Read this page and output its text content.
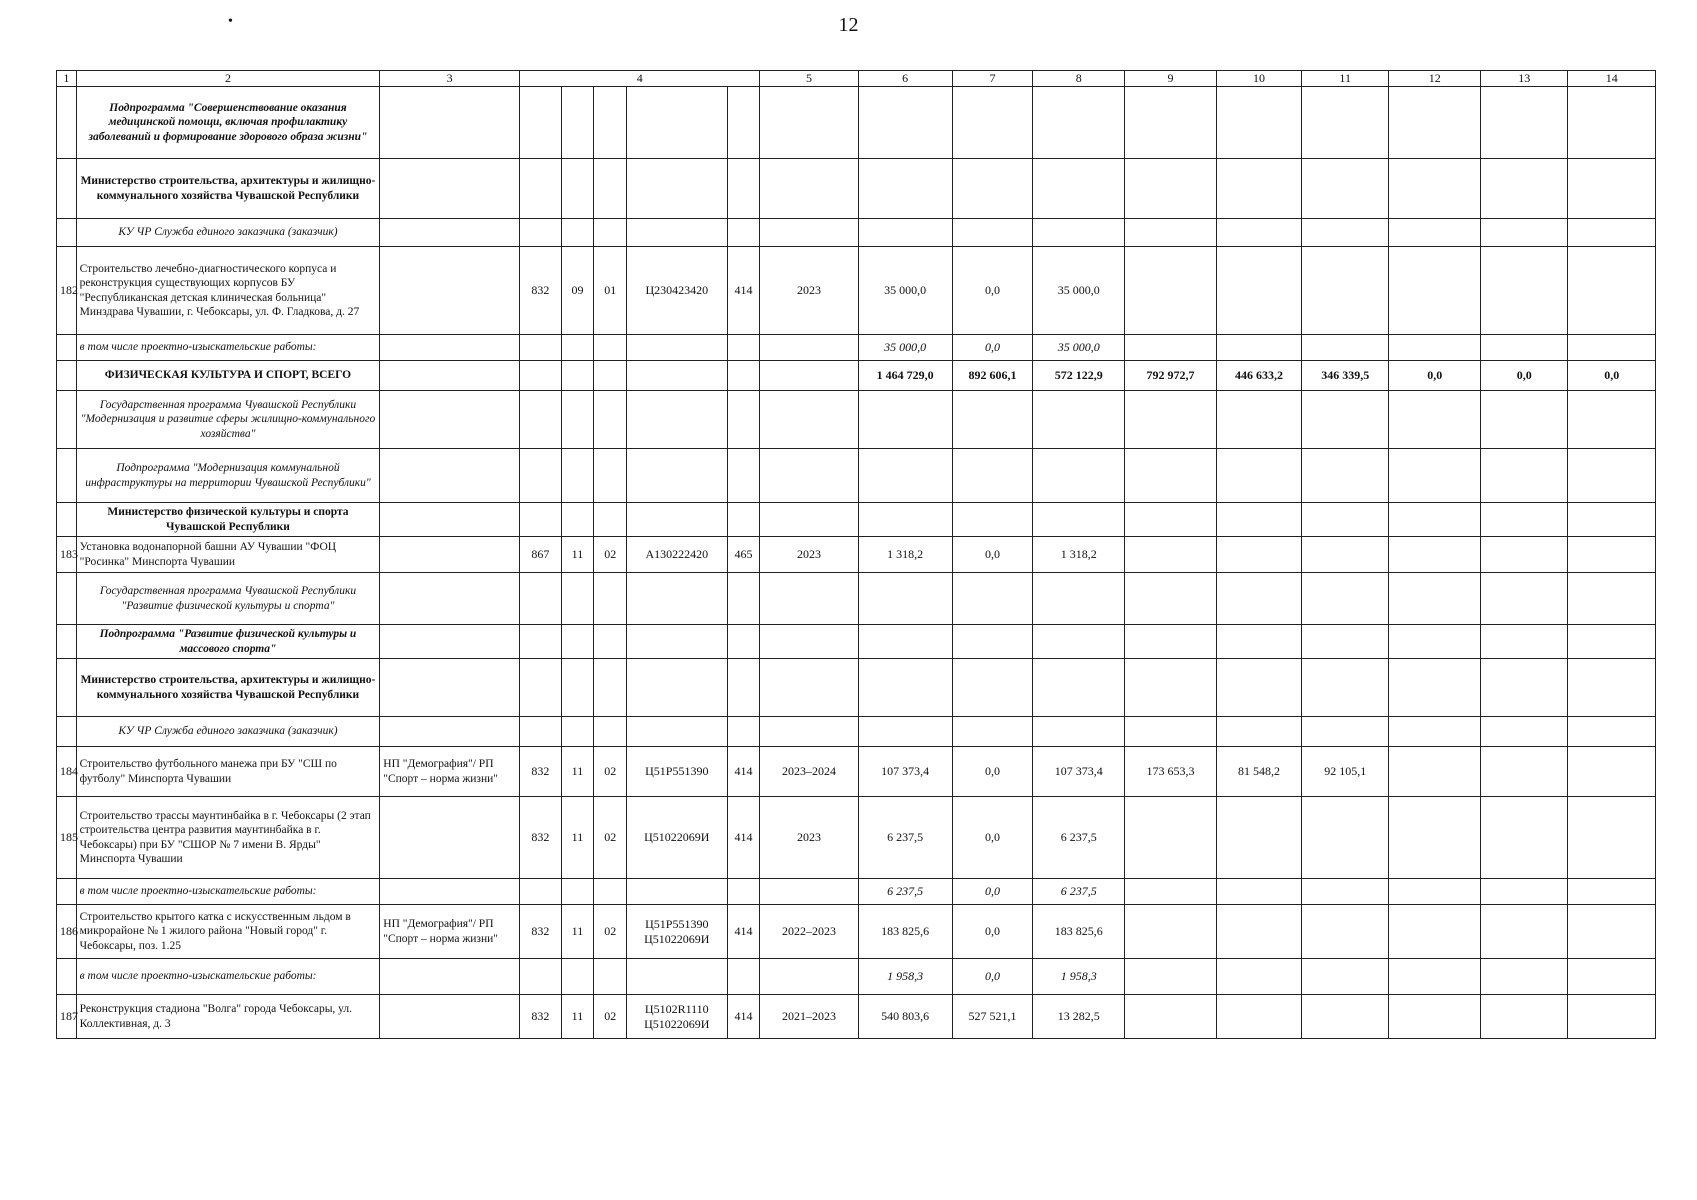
•	12
1	2	3	4					5	6	7	8	9	10	11	12	13	14
	Подпрограмма "Совершенствование оказания медицинской помощи, включая профилактику заболеваний и формирование здорового образа жизни"																
	Министерство строительства, архитектуры и жилищно-коммунального хозяйства Чувашской Республики																
	КУ ЧР Служба единого заказчика (заказчик)																
182	Строительство лечебно-диагностического корпуса и реконструкция существующих корпусов БУ "Республиканская детская клиническая больница" Минздрава Чувашии, г. Чебоксары, ул. Ф. Гладкова, д. 27		832	09	01	Ц230423420	414	2023	35 000,0	0,0	35 000,0						
	в том числе проектно-изыскательские работы:								35 000,0	0,0	35 000,0						
	ФИЗИЧЕСКАЯ КУЛЬТУРА И СПОРТ, ВСЕГО								1 464 729,0	892 606,1	572 122,9	792 972,7	446 633,2	346 339,5	0,0	0,0	0,0
	Государственная программа Чувашской Республики "Модернизация и развитие сферы жилищно-коммунального хозяйства"																
	Подпрограмма "Модернизация коммунальной инфраструктуры на территории Чувашской Республики"																
	Министерство физической культуры и спорта Чувашской Республики																
183	Установка водонапорной башни АУ Чувашии "ФОЦ "Росинка" Минспорта Чувашии		867	11	02	А130222420	465	2023	1 318,2	0,0	1 318,2						
	Государственная программа Чувашской Республики "Развитие физической культуры и спорта"																
	Подпрограмма "Развитие физической культуры и массового спорта"																
	Министерство строительства, архитектуры и жилищно-коммунального хозяйства Чувашской Республики																
	КУ ЧР Служба единого заказчика (заказчик)																
184	Строительство футбольного манежа при БУ "СШ по футболу" Минспорта Чувашии	НП "Демография"/ РП "Спорт – норма жизни"	832	11	02	Ц51P551390	414	2023–2024	107 373,4	0,0	107 373,4	173 653,3	81 548,2	92 105,1			
185	Строительство трассы маунтинбайка в г. Чебоксары (2 этап строительства центра развития маунтинбайка в г. Чебоксары) при БУ "СШОР № 7 имени В. Ярды" Минспорта Чувашии		832	11	02	Ц51022069И	414	2023	6 237,5	0,0	6 237,5						
	в том числе проектно-изыскательские работы:								6 237,5	0,0	6 237,5						
186	Строительство крытого катка с искусственным льдом в микрорайоне № 1 жилого района "Новый город" г. Чебоксары, поз. 1.25	НП "Демография"/ РП "Спорт – норма жизни"	832	11	02	Ц51P551390 Ц51022069И	414	2022–2023	183 825,6	0,0	183 825,6						
	в том числе проектно-изыскательские работы:								1 958,3	0,0	1 958,3						
187	Реконструкция стадиона "Волга" города Чебоксары, ул. Коллективная, д. 3		832	11	02	Ц5102R1110 Ц51022069И	414	2021–2023	540 803,6	527 521,1	13 282,5						
